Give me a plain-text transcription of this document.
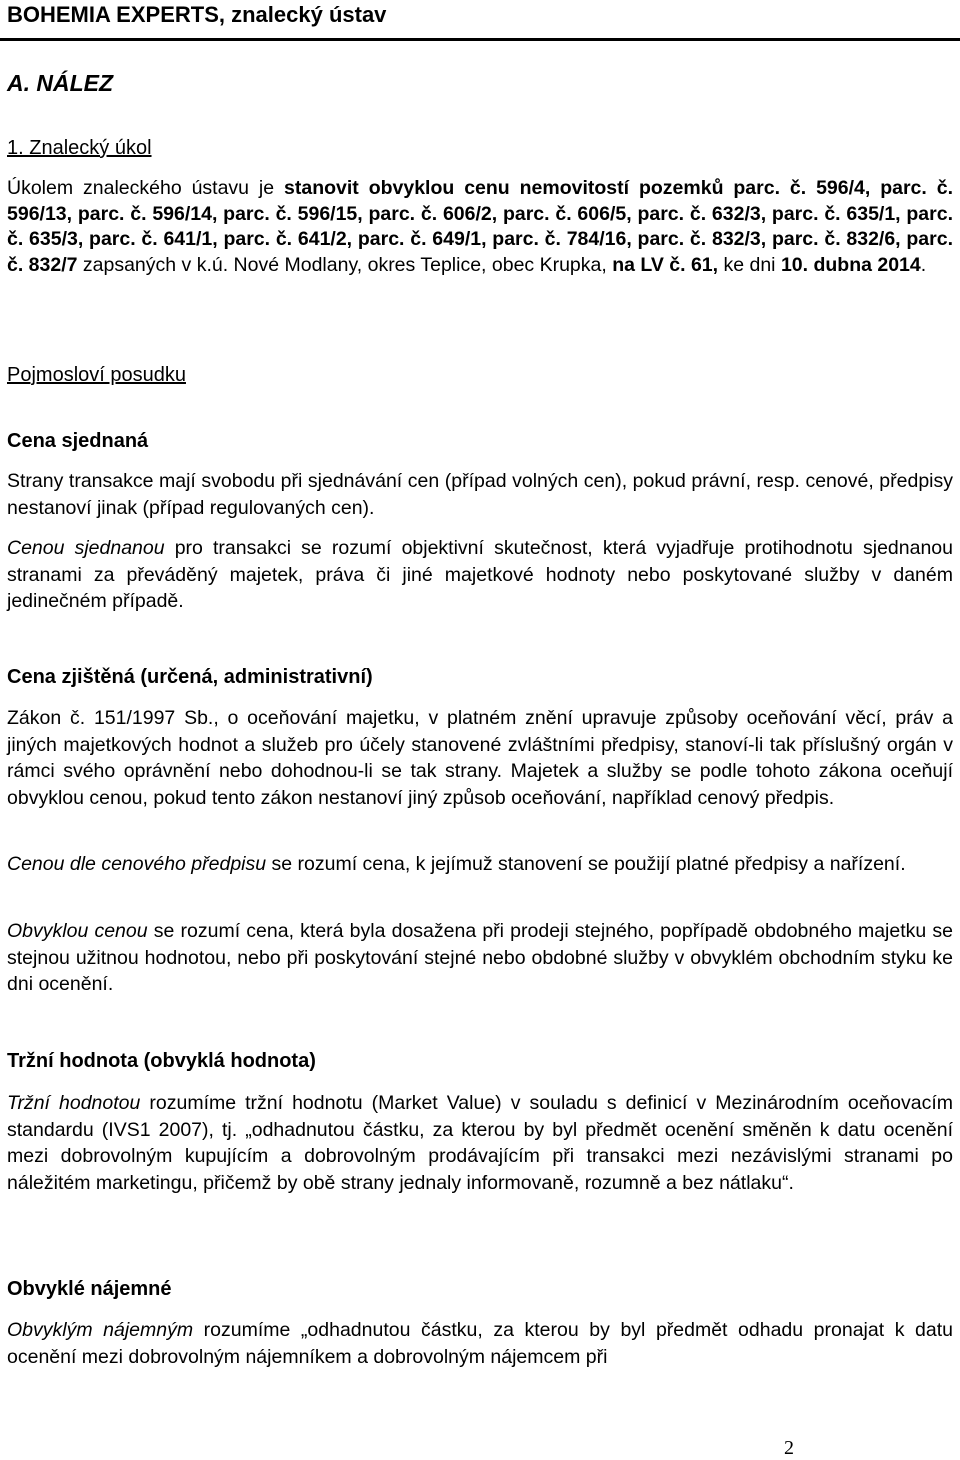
BOHEMIA EXPERTS, znalecký ústav
A. NÁLEZ
1. Znalecký úkol

Úkolem znaleckého ústavu je stanovit obvyklou cenu nemovitostí pozemků parc. č. 596/4, parc. č. 596/13, parc. č. 596/14, parc. č. 596/15, parc. č. 606/2, parc. č. 606/5, parc. č. 632/3, parc. č. 635/1, parc. č. 635/3, parc. č. 641/1, parc. č. 641/2, parc. č. 649/1, parc. č. 784/16, parc. č. 832/3, parc. č. 832/6, parc. č. 832/7 zapsaných v k.ú. Nové Modlany, okres Teplice, obec Krupka, na LV č. 61, ke dni 10. dubna 2014.

Pojmosloví posudku
Cena sjednaná

Strany transakce mají svobodu při sjednávání cen (případ volných cen), pokud právní, resp. cenové, předpisy nestanoví jinak (případ regulovaných cen).

Cenou sjednanou pro transakci se rozumí objektivní skutečnost, která vyjadřuje protihodnotu sjednanou stranami za převáděný majetek, práva či jiné majetkové hodnoty nebo poskytované služby v daném jedinečném případě.

Cena zjištěná (určená, administrativní)

Zákon č. 151/1997 Sb., o oceňování majetku, v platném znění upravuje způsoby oceňování věcí, práv a jiných majetkových hodnot a služeb pro účely stanovené zvláštními předpisy, stanoví-li tak příslušný orgán v rámci svého oprávnění nebo dohodnou-li se tak strany. Majetek a služby se podle tohoto zákona oceňují obvyklou cenou, pokud tento zákon nestanoví jiný způsob oceňování, například cenový předpis.

Cenou dle cenového předpisu se rozumí cena, k jejímuž stanovení se použijí platné předpisy a nařízení.

Obvyklou cenou se rozumí cena, která byla dosažena při prodeji stejného, popřípadě obdobného majetku se stejnou užitnou hodnotou, nebo při poskytování stejné nebo obdobné služby v obvyklém obchodním styku ke dni ocenění.

Tržní hodnota (obvyklá hodnota)

Tržní hodnotou rozumíme tržní hodnotu (Market Value) v souladu s definicí v Mezinárodním oceňovacím standardu (IVS1 2007), tj. „odhadnutou částku, za kterou by byl předmět ocenění směněn k datu ocenění mezi dobrovolným kupujícím a dobrovolným prodávajícím při transakci mezi nezávislými stranami po náležitém marketingu, přičemž by obě strany jednaly informovaně, rozumně a bez nátlaku“.

Obvyklé nájemné

Obvyklým nájemným rozumíme „odhadnutou částku, za kterou by byl předmět odhadu pronajat k datu ocenění mezi dobrovolným nájemníkem a dobrovolným nájemcem při

2
